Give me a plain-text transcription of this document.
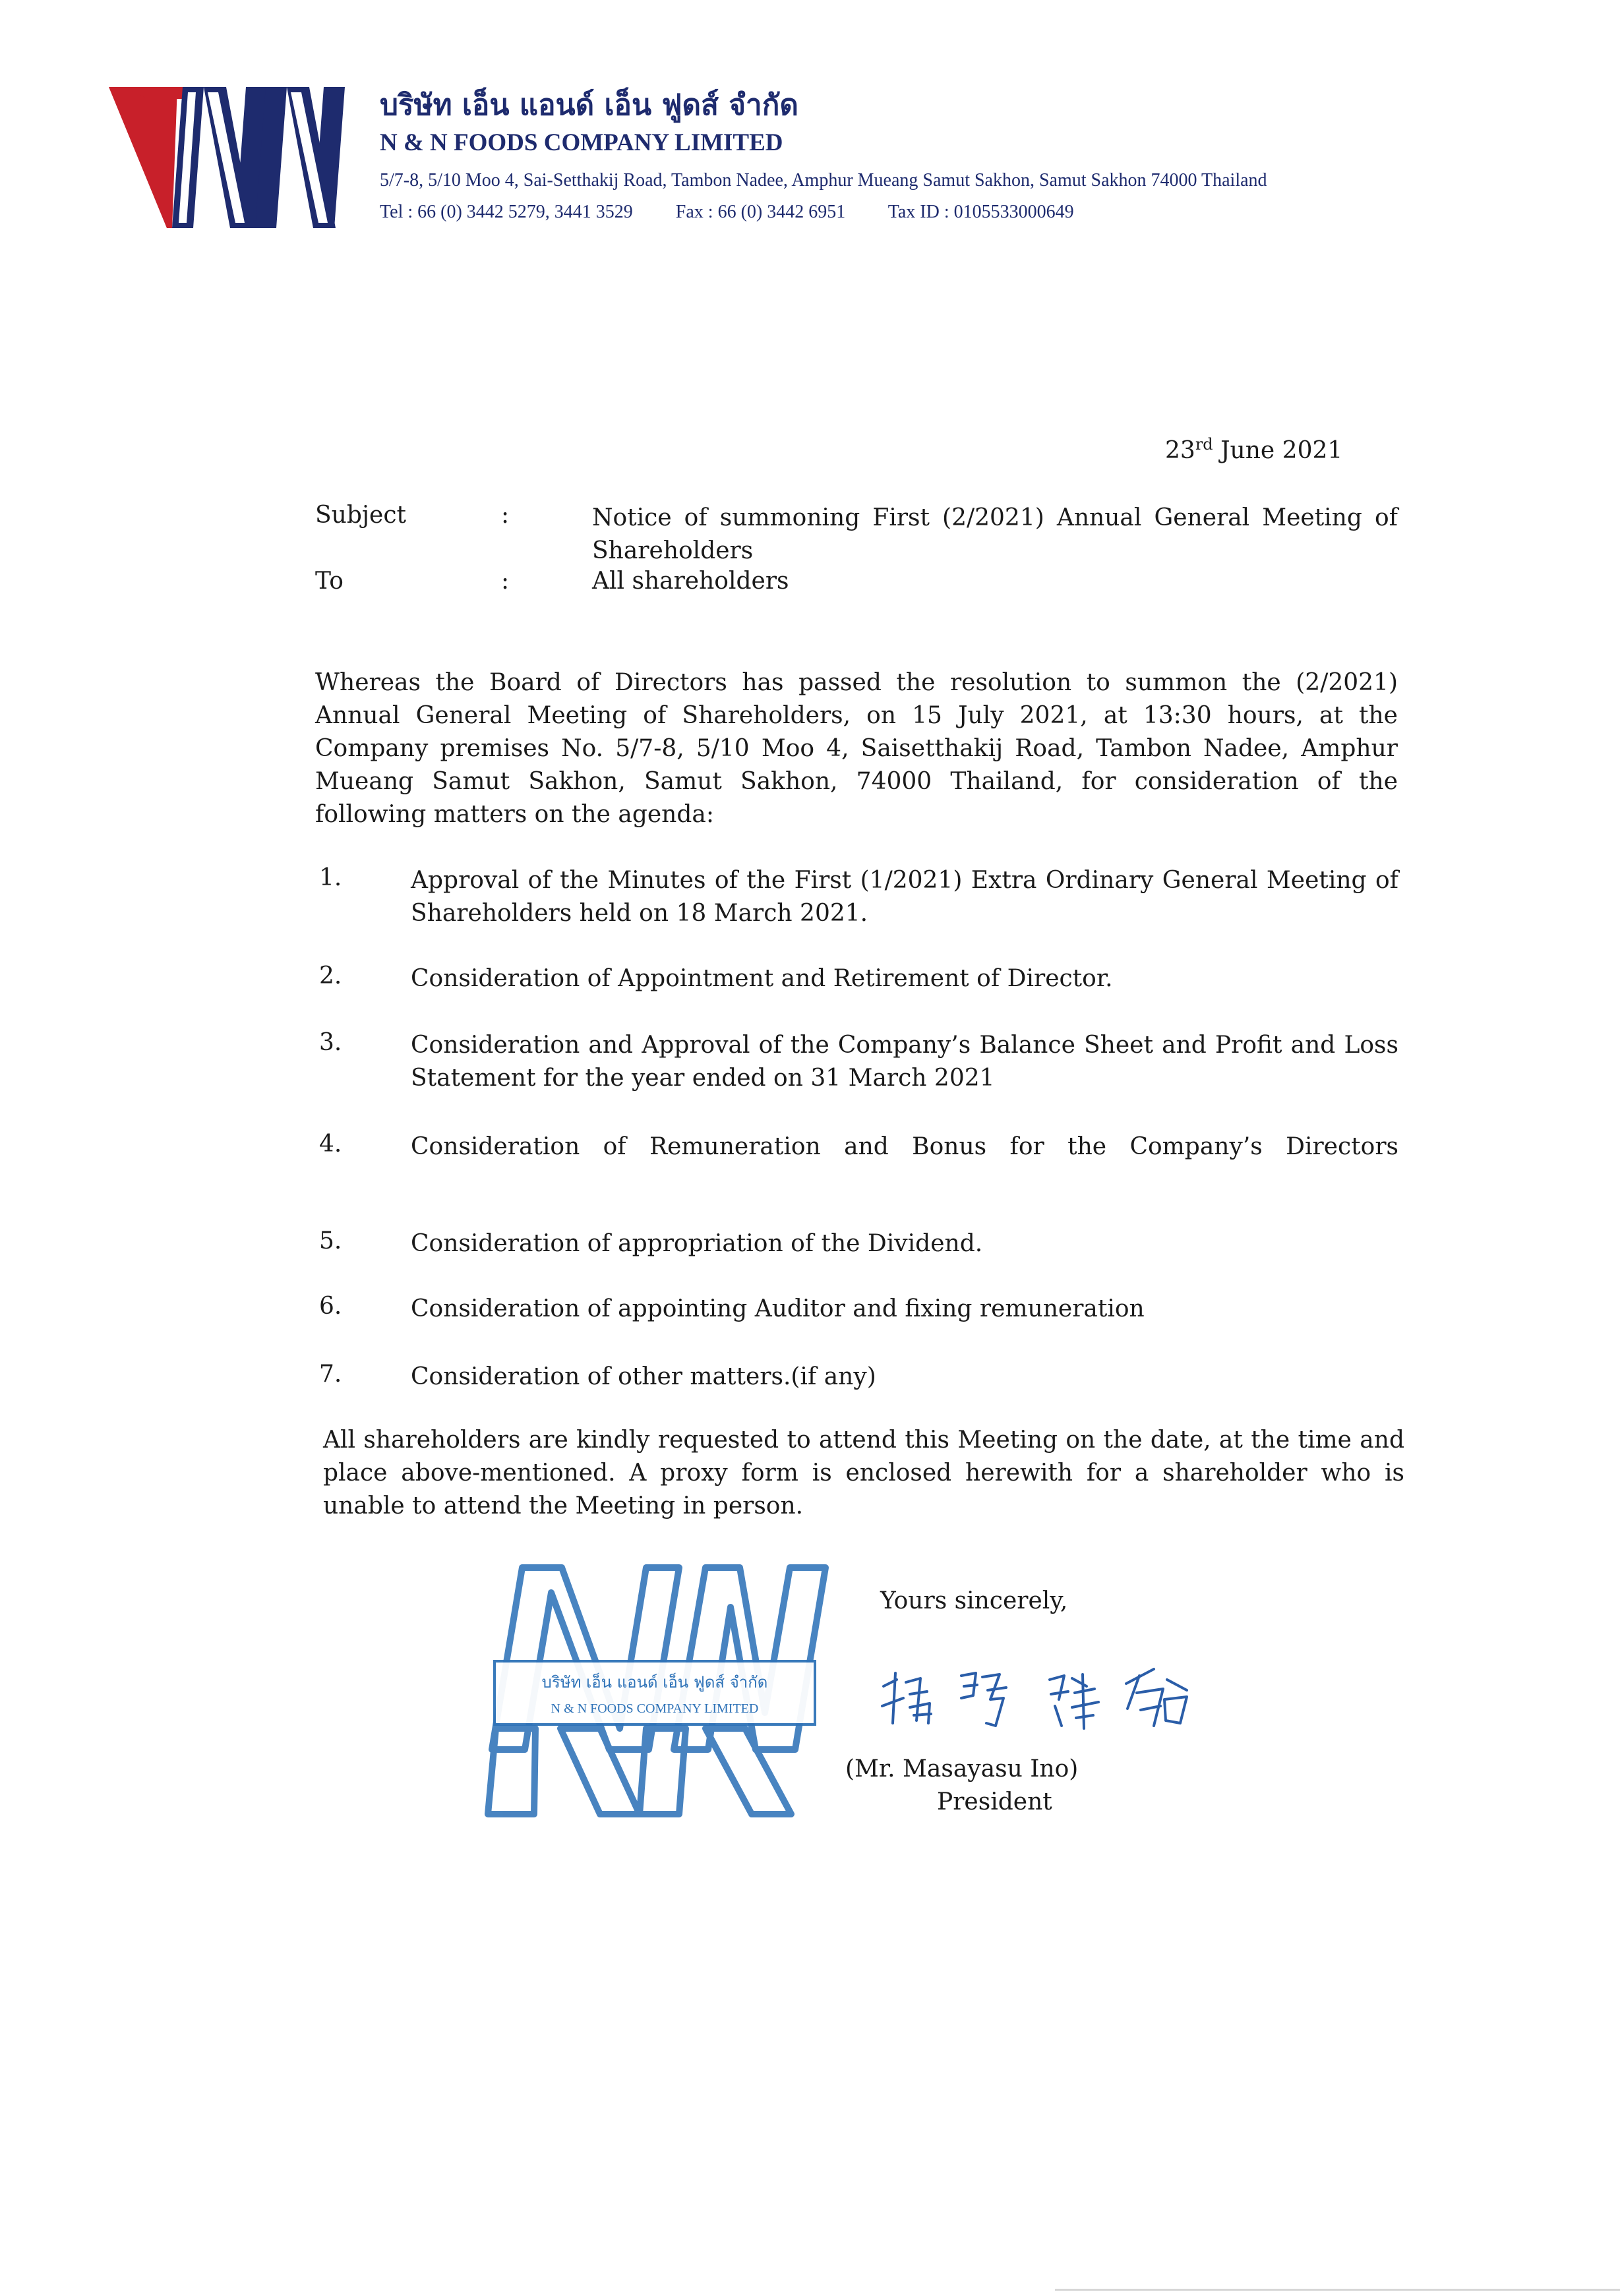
บริษัท เอ็น แอนด์ เอ็น ฟูดส์ จำกัด
N & N FOODS COMPANY LIMITED
5/7-8, 5/10 Moo 4, Sai-Setthakij Road, Tambon Nadee, Amphur Mueang Samut Sakhon, Samut Sakhon 74000 Thailand
Tel : 66 (0) 3442 5279, 3441 3529 Fax : 66 (0) 3442 6951 Tax ID : 0105533000649
23rd June 2021
Subject	:	Notice of summoning First (2/2021) Annual General Meeting of Shareholders
To	:	All shareholders
Whereas the Board of Directors has passed the resolution to summon the (2/2021) Annual General Meeting of Shareholders, on 15 July 2021, at 13:30 hours, at the Company premises No. 5/7-8, 5/10 Moo 4, Saisetthakij Road, Tambon Nadee, Amphur Mueang Samut Sakhon, Samut Sakhon, 74000 Thailand, for consideration of the following matters on the agenda:
1.	Approval of the Minutes of the First (1/2021) Extra Ordinary General Meeting of Shareholders held on 18 March 2021.
2.	Consideration of Appointment and Retirement of Director.
3.	Consideration and Approval of the Company’s Balance Sheet and Profit and Loss Statement for the year ended on 31 March 2021
4.	Consideration of Remuneration and Bonus for the Company’s Directors
5.	Consideration of appropriation of the Dividend.
6.	Consideration of appointing Auditor and fixing remuneration
7.	Consideration of other matters.(if any)
All shareholders are kindly requested to attend this Meeting on the date, at the time and place above-mentioned. A proxy form is enclosed herewith for a shareholder who is unable to attend the Meeting in person.
บริษัท เอ็น แอนด์ เอ็น ฟูดส์ จำกัด
N & N FOODS COMPANY LIMITED
Yours sincerely,
(Mr. Masayasu Ino)
President
